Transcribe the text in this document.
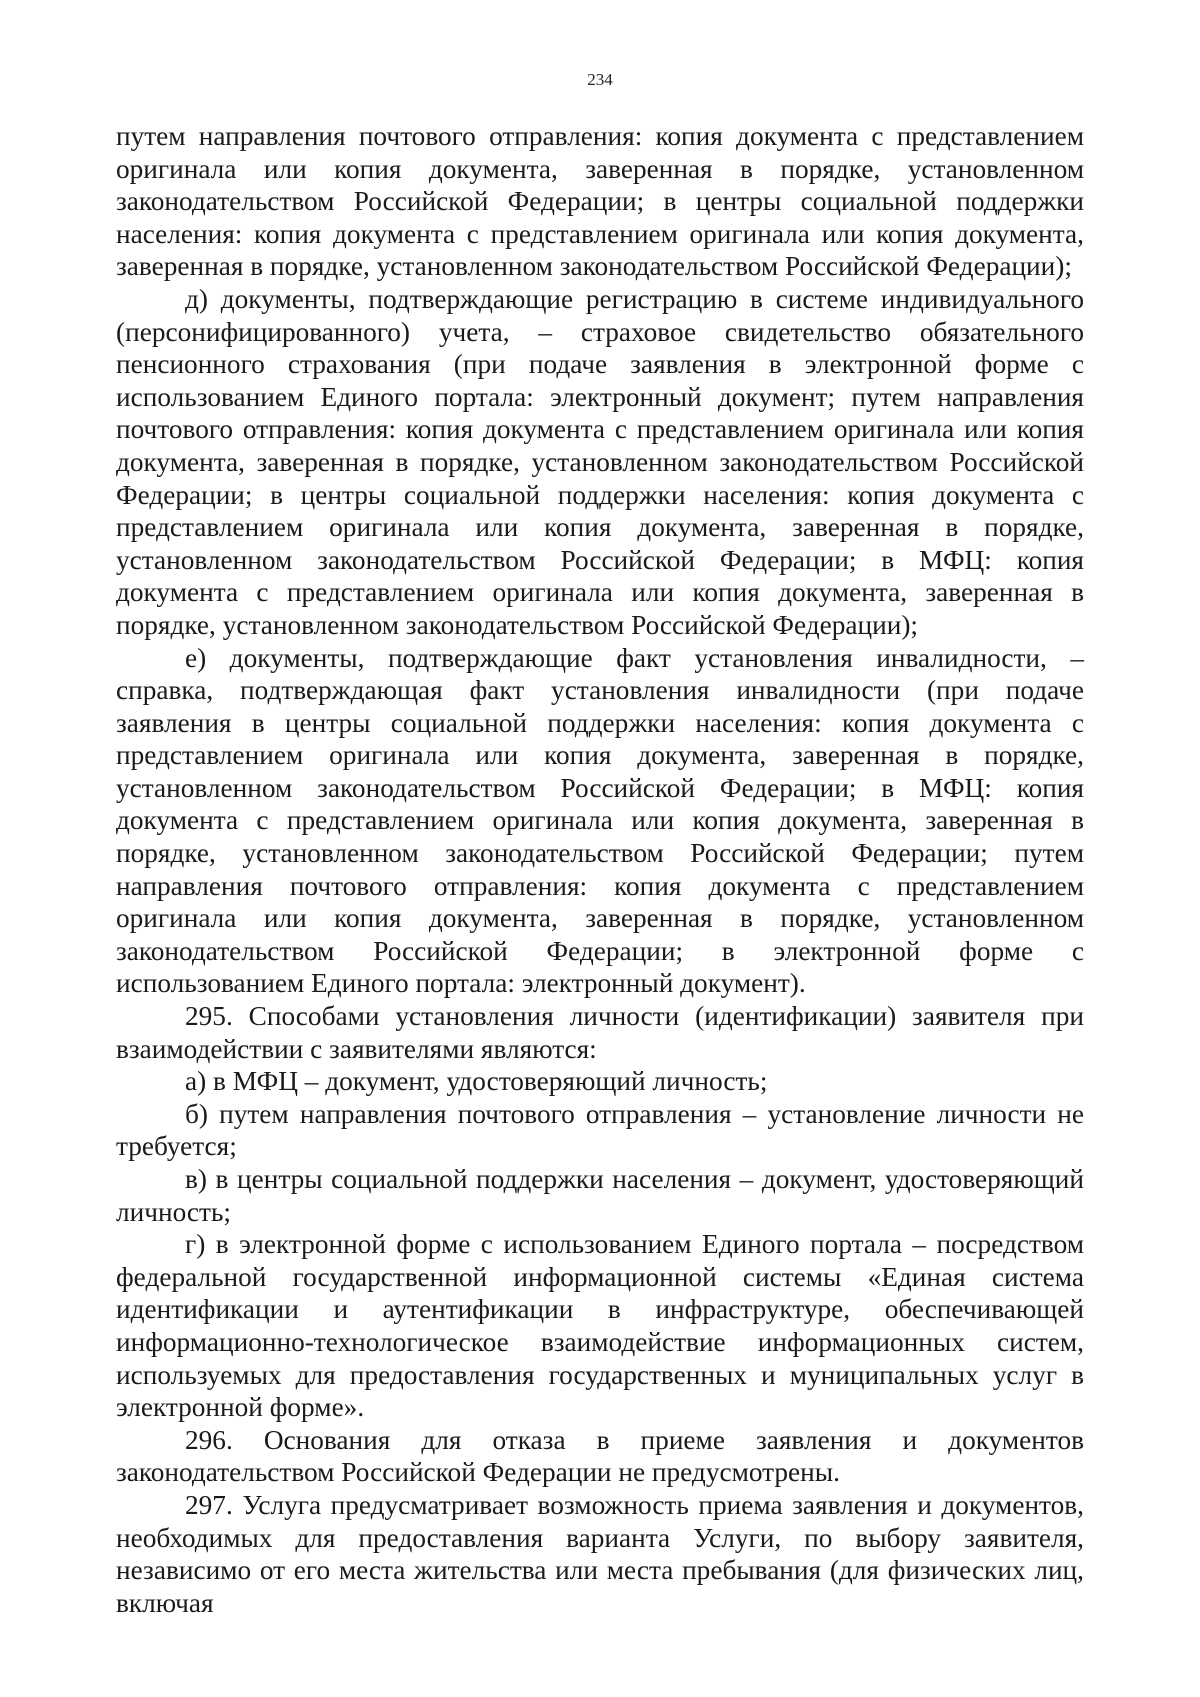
234

путем направления почтового отправления: копия документа с представлением оригинала или копия документа, заверенная в порядке, установленном законодательством Российской Федерации; в центры социальной поддержки населения: копия документа с представлением оригинала или копия документа, заверенная в порядке, установленном законодательством Российской Федерации);

д) документы, подтверждающие регистрацию в системе индивидуального (персонифицированного) учета, – страховое свидетельство обязательного пенсионного страхования (при подаче заявления в электронной форме с использованием Единого портала: электронный документ; путем направления почтового отправления: копия документа с представлением оригинала или копия документа, заверенная в порядке, установленном законодательством Российской Федерации; в центры социальной поддержки населения: копия документа с представлением оригинала или копия документа, заверенная в порядке, установленном законодательством Российской Федерации; в МФЦ: копия документа с представлением оригинала или копия документа, заверенная в порядке, установленном законодательством Российской Федерации);

е) документы, подтверждающие факт установления инвалидности, – справка, подтверждающая факт установления инвалидности (при подаче заявления в центры социальной поддержки населения: копия документа с представлением оригинала или копия документа, заверенная в порядке, установленном законодательством Российской Федерации; в МФЦ: копия документа с представлением оригинала или копия документа, заверенная в порядке, установленном законодательством Российской Федерации; путем направления почтового отправления: копия документа с представлением оригинала или копия документа, заверенная в порядке, установленном законодательством Российской Федерации; в электронной форме с использованием Единого портала: электронный документ).

295. Способами установления личности (идентификации) заявителя при взаимодействии с заявителями являются:

а) в МФЦ – документ, удостоверяющий личность;

б) путем направления почтового отправления – установление личности не требуется;

в) в центры социальной поддержки населения – документ, удостоверяющий личность;

г) в электронной форме с использованием Единого портала – посредством федеральной государственной информационной системы «Единая система идентификации и аутентификации в инфраструктуре, обеспечивающей информационно-технологическое взаимодействие информационных систем, используемых для предоставления государственных и муниципальных услуг в электронной форме».

296. Основания для отказа в приеме заявления и документов законодательством Российской Федерации не предусмотрены.

297. Услуга предусматривает возможность приема заявления и документов, необходимых для предоставления варианта Услуги, по выбору заявителя, независимо от его места жительства или места пребывания (для физических лиц, включая
